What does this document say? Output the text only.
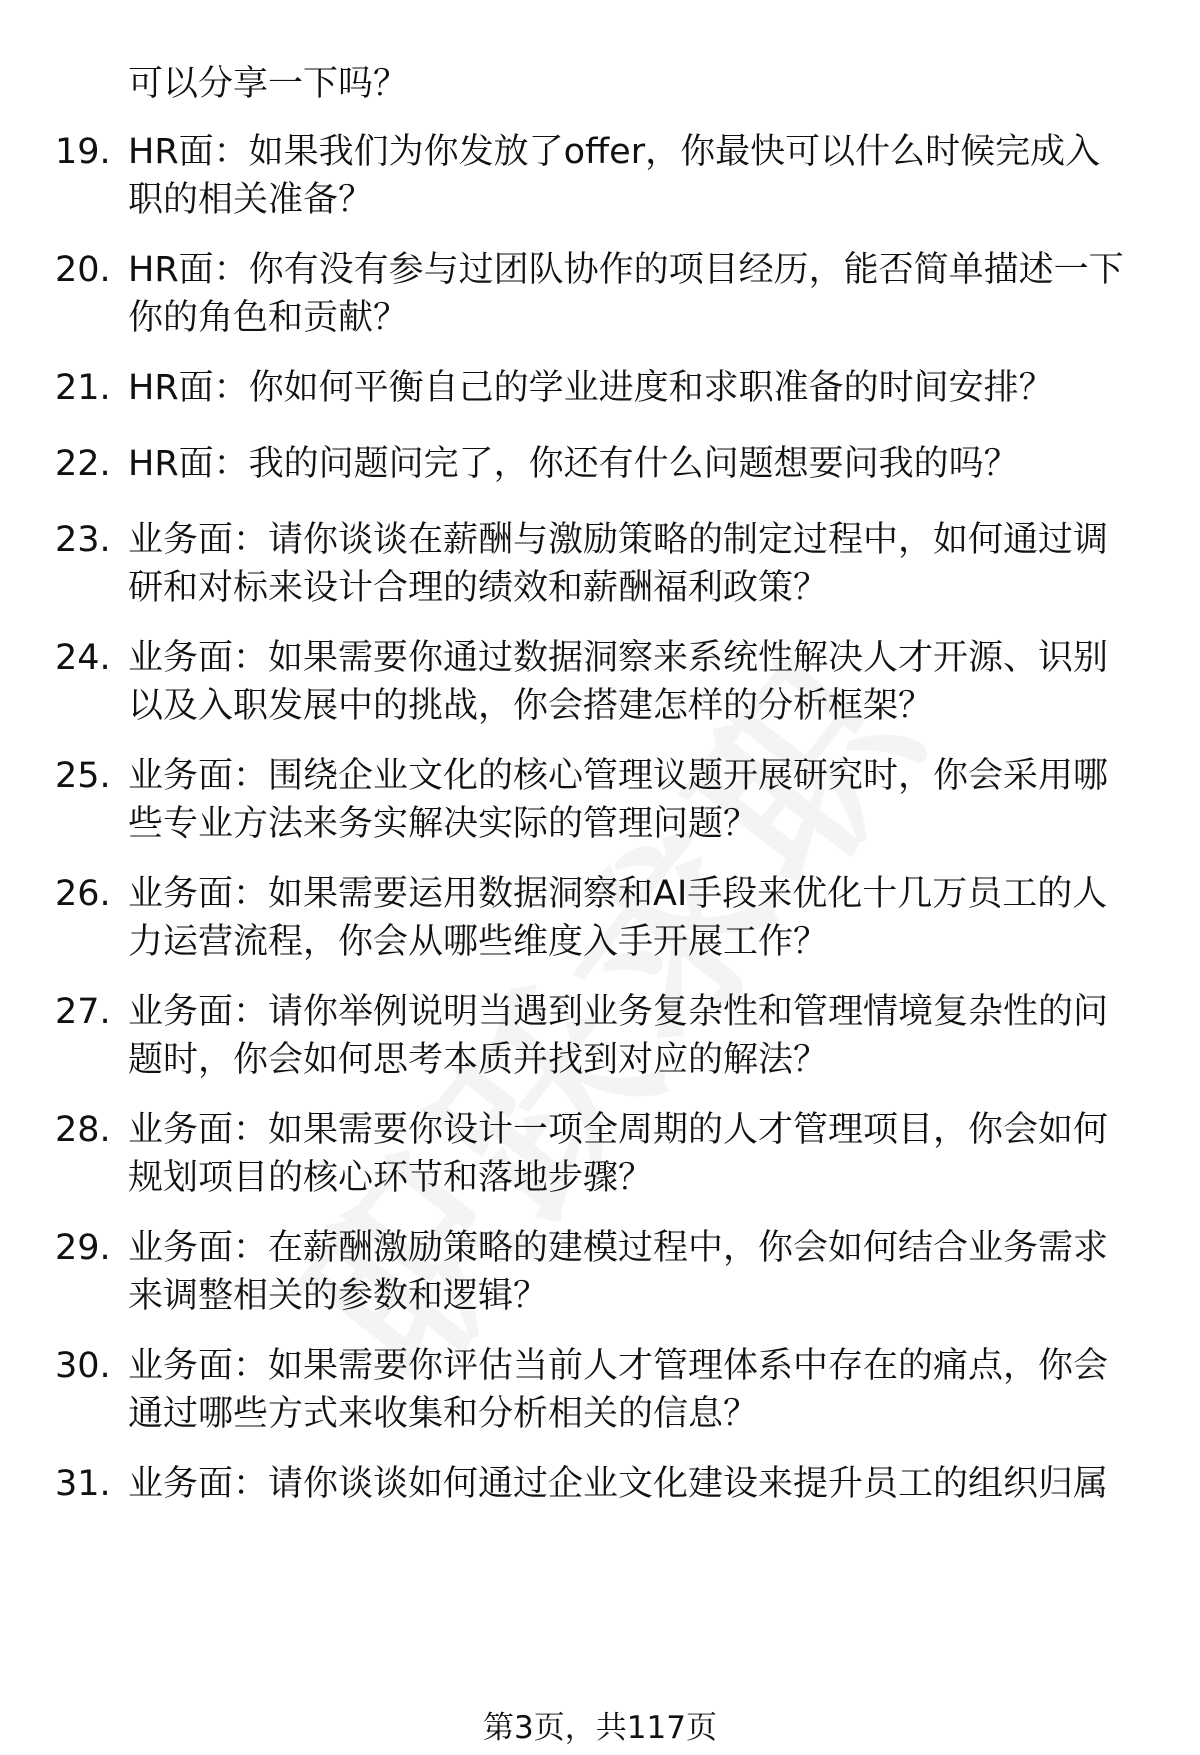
可以分享一下吗？
19. HR面：如果我们为你发放了offer，你最快可以什么时候完成入
职的相关准备？
20. HR面：你有没有参与过团队协作的项目经历，能否简单描述一下
你的角色和贡献？
21. HR面：你如何平衡自己的学业进度和求职准备的时间安排？
22. HR面：我的问题问完了，你还有什么问题想要问我的吗？
23. 业务面：请你谈谈在薪酬与激励策略的制定过程中，如何通过调
研和对标来设计合理的绩效和薪酬福利政策？
24. 业务面：如果需要你通过数据洞察来系统性解决人才开源、识别
以及入职发展中的挑战，你会搭建怎样的分析框架？
25. 业务面：围绕企业文化的核心管理议题开展研究时，你会采用哪
些专业方法来务实解决实际的管理问题？
26. 业务面：如果需要运用数据洞察和AI手段来优化十几万员工的人
力运营流程，你会从哪些维度入手开展工作？
27. 业务面：请你举例说明当遇到业务复杂性和管理情境复杂性的问
题时，你会如何思考本质并找到对应的解法？
28. 业务面：如果需要你设计一项全周期的人才管理项目，你会如何
规划项目的核心环节和落地步骤？
29. 业务面：在薪酬激励策略的建模过程中，你会如何结合业务需求
来调整相关的参数和逻辑？
30. 业务面：如果需要你评估当前人才管理体系中存在的痛点，你会
通过哪些方式来收集和分析相关的信息？
31. 业务面：请你谈谈如何通过企业文化建设来提升员工的组织归属
第3页，共117页
